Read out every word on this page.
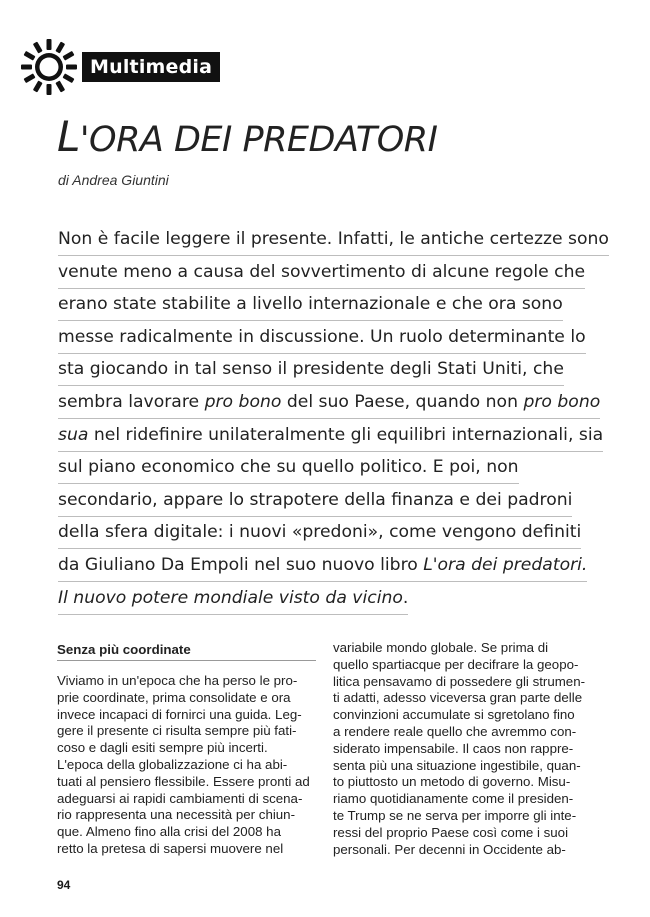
Multimedia
L'ORA DEI PREDATORI
di Andrea Giuntini
Non è facile leggere il presente. Infatti, le antiche certezze sono
venute meno a causa del sovvertimento di alcune regole che
erano state stabilite a livello internazionale e che ora sono
messe radicalmente in discussione. Un ruolo determinante lo
sta giocando in tal senso il presidente degli Stati Uniti, che
sembra lavorare pro bono del suo Paese, quando non pro bono
sua nel ridefinire unilateralmente gli equilibri internazionali, sia
sul piano economico che su quello politico. E poi, non
secondario, appare lo strapotere della finanza e dei padroni
della sfera digitale: i nuovi «predoni», come vengono definiti
da Giuliano Da Empoli nel suo nuovo libro L'ora dei predatori.
Il nuovo potere mondiale visto da vicino.
Senza più coordinate
Viviamo in un'epoca che ha perso le pro-
prie coordinate, prima consolidate e ora
invece incapaci di fornirci una guida. Leg-
gere il presente ci risulta sempre più fati-
coso e dagli esiti sempre più incerti.
L'epoca della globalizzazione ci ha abi-
tuati al pensiero flessibile. Essere pronti ad
adeguarsi ai rapidi cambiamenti di scena-
rio rappresenta una necessità per chiun-
que. Almeno fino alla crisi del 2008 ha
retto la pretesa di sapersi muovere nel
variabile mondo globale. Se prima di
quello spartiacque per decifrare la geopo-
litica pensavamo di possedere gli strumen-
ti adatti, adesso viceversa gran parte delle
convinzioni accumulate si sgretolano fino
a rendere reale quello che avremmo con-
siderato impensabile. Il caos non rappre-
senta più una situazione ingestibile, quan-
to piuttosto un metodo di governo. Misu-
riamo quotidianamente come il presiden-
te Trump se ne serva per imporre gli inte-
ressi del proprio Paese così come i suoi
personali. Per decenni in Occidente ab-
94
